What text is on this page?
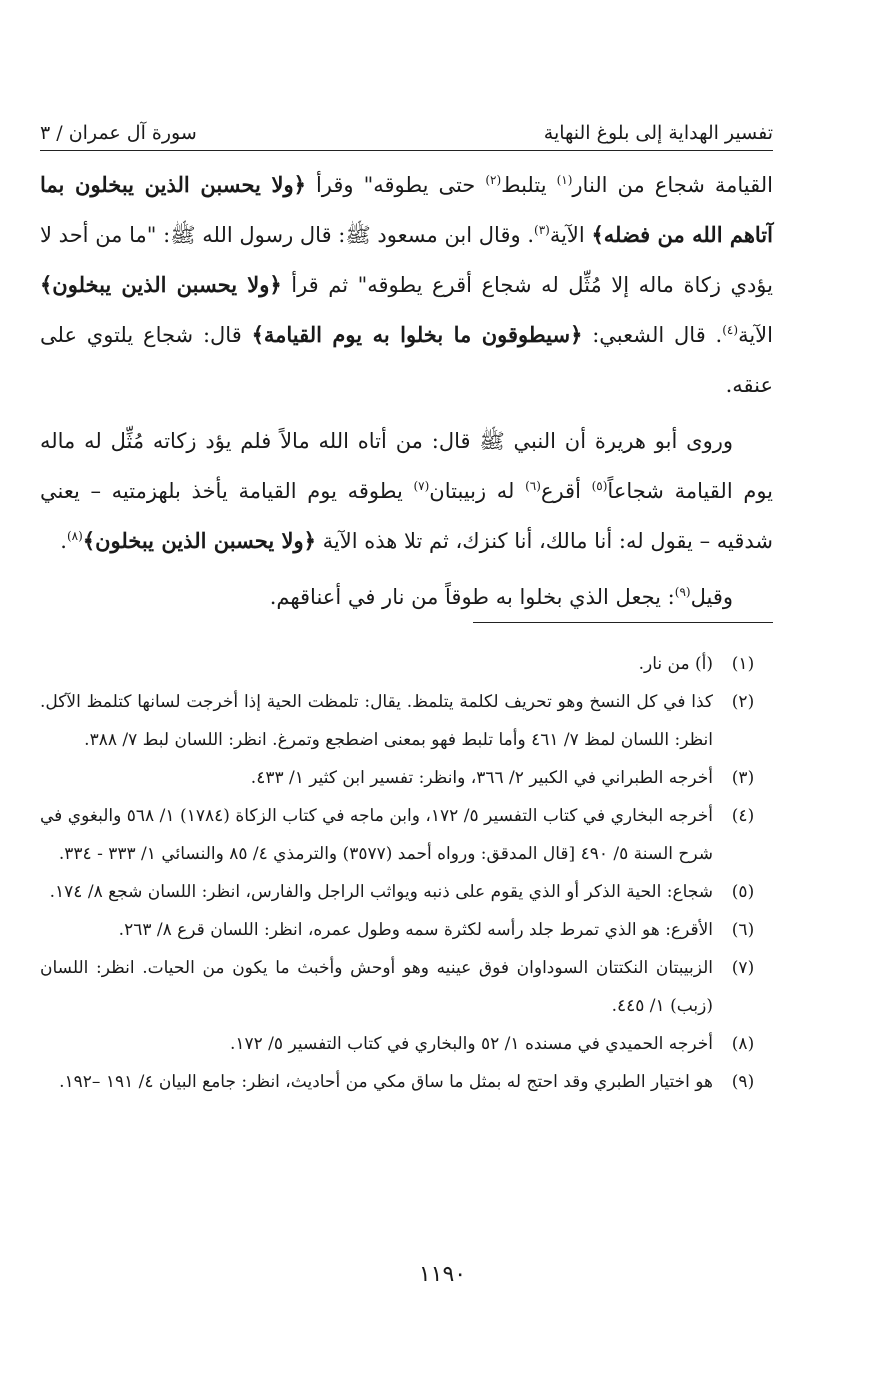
تفسير الهداية إلى بلوغ النهاية
سورة آل عمران / ٣

القيامة شجاع من النار$^{(١)}$ يتلبط$^{(٢)}$ حتى يطوقه" وقرأ ﴿ولا يحسبن الذين يبخلون بما آتاهم الله من فضله﴾ الآية$^{(٣)}$. وقال ابن مسعود ﷺ: قال رسول الله ﷺ: "ما من أحد لا يؤدي زكاة ماله إلا مُثِّل له شجاع أقرع يطوقه" ثم قرأ ﴿ولا يحسبن الذين يبخلون﴾ الآية$^{(٤)}$. قال الشعبي: ﴿سيطوقون ما بخلوا به يوم القيامة﴾ قال: شجاع يلتوي على عنقه.

وروى أبو هريرة أن النبي ﷺ قال: من أتاه الله مالاً فلم يؤد زكاته مُثِّل له ماله يوم القيامة شجاعاً$^{(٥)}$ أقرع$^{(٦)}$ له زبيبتان$^{(٧)}$ يطوقه يوم القيامة يأخذ بلهزمتيه – يعني شدقيه – يقول له: أنا مالك، أنا كنزك، ثم تلا هذه الآية ﴿ولا يحسبن الذين يبخلون﴾$^{(٨)}$.

وقيل$^{(٩)}$: يجعل الذي بخلوا به طوقاً من نار في أعناقهم.

(١)
(أ) من نار.
(٢)
كذا في كل النسخ وهو تحريف لكلمة يتلمظ. يقال: تلمظت الحية إذا أخرجت لسانها كتلمظ الآكل. انظر: اللسان لمظ ٧/ ٤٦١ وأما تلبط فهو بمعنى اضطجع وتمرغ. انظر: اللسان لبط ٧/ ٣٨٨.
(٣)
أخرجه الطبراني في الكبير ٢/ ٣٦٦، وانظر: تفسير ابن كثير ١/ ٤٣٣.
(٤)
أخرجه البخاري في كتاب التفسير ٥/ ١٧٢، وابن ماجه في كتاب الزكاة (١٧٨٤) ١/ ٥٦٨ والبغوي في شرح السنة ٥/ ٤٩٠ [قال المدقق: ورواه أحمد (٣٥٧٧) والترمذي ٤/ ٨٥ والنسائي ١/ ٣٣٣ - ٣٣٤.
(٥)
شجاع: الحية الذكر أو الذي يقوم على ذنبه ويواثب الراجل والفارس، انظر: اللسان شجع ٨/ ١٧٤.
(٦)
الأقرع: هو الذي تمرط جلد رأسه لكثرة سمه وطول عمره، انظر: اللسان قرع ٨/ ٢٦٣.
(٧)
الزبيبتان النكتتان السوداوان فوق عينيه وهو أوحش وأخبث ما يكون من الحيات. انظر: اللسان (زبب) ١/ ٤٤٥.
(٨)
أخرجه الحميدي في مسنده ١/ ٥٢ والبخاري في كتاب التفسير ٥/ ١٧٢.
(٩)
هو اختيار الطبري وقد احتج له بمثل ما ساق مكي من أحاديث، انظر: جامع البيان ٤/ ١٩١ –١٩٢.
١١٩٠
